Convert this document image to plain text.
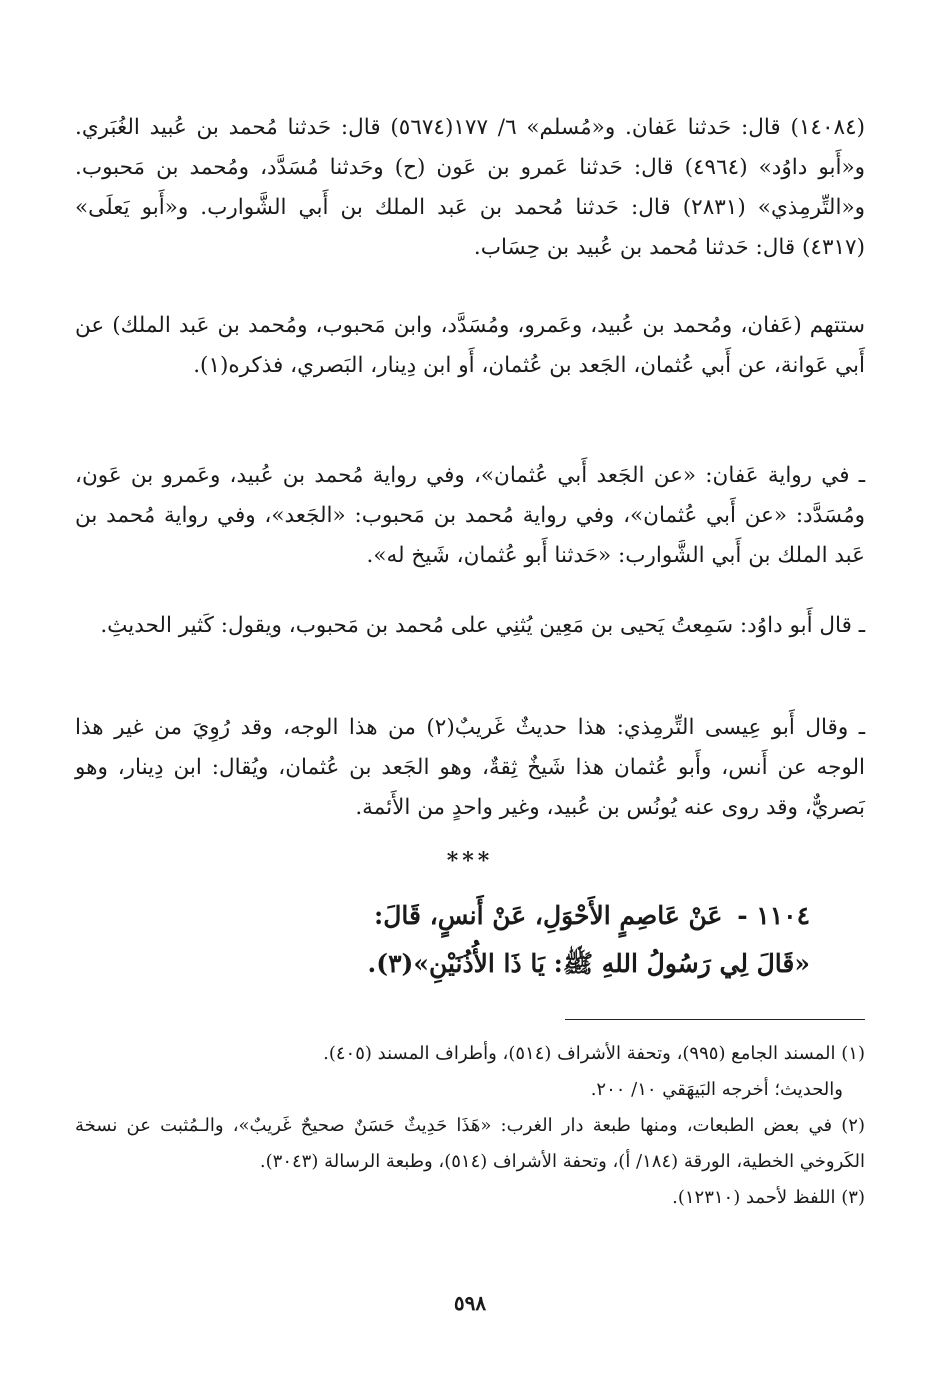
(١٤٠٨٤) قال: حَدثنا عَفان. و«مُسلم» ٦/ ١٧٧(٥٦٧٤) قال: حَدثنا مُحمد بن عُبيد الغُبَري. و«أَبو داوُد» (٤٩٦٤) قال: حَدثنا عَمرو بن عَون (ح) وحَدثنا مُسَدَّد، ومُحمد بن مَحبوب. و«التِّرمِذي» (٢٨٣١) قال: حَدثنا مُحمد بن عَبد الملك بن أَبي الشَّوارب. و«أَبو يَعلَى» (٤٣١٧) قال: حَدثنا مُحمد بن عُبيد بن حِسَاب.

ستتهم (عَفان، ومُحمد بن عُبيد، وعَمرو، ومُسَدَّد، وابن مَحبوب، ومُحمد بن عَبد الملك) عن أَبي عَوانة، عن أَبي عُثمان، الجَعد بن عُثمان، أَو ابن دِينار، البَصري، فذكره(١).

ـ في رواية عَفان: «عن الجَعد أَبي عُثمان»، وفي رواية مُحمد بن عُبيد، وعَمرو بن عَون، ومُسَدَّد: «عن أَبي عُثمان»، وفي رواية مُحمد بن مَحبوب: «الجَعد»، وفي رواية مُحمد بن عَبد الملك بن أَبي الشَّوارب: «حَدثنا أَبو عُثمان، شَيخ له».

ـ قال أَبو داوُد: سَمِعتُ يَحيى بن مَعِين يُثنِي على مُحمد بن مَحبوب، ويقول: كَثير الحديثِ.

ـ وقال أَبو عِيسى التِّرمِذي: هذا حديثٌ غَريبٌ(٢) من هذا الوجه، وقد رُوِيَ من غير هذا الوجه عن أَنس، وأَبو عُثمان هذا شَيخٌ ثِقةٌ، وهو الجَعد بن عُثمان، ويُقال: ابن دِينار، وهو بَصريٌّ، وقد روى عنه يُونُس بن عُبيد، وغير واحدٍ من الأَئمة.

***
١١٠٤ - عَنْ عَاصِمٍ الأَحْوَلِ، عَنْ أَنسٍ، قَالَ:
«قَالَ لِي رَسُولُ اللهِ ﷺ: يَا ذَا الأُذُنَيْنِ»(٣).

(١) المسند الجامع (٩٩٥)، وتحفة الأشراف (٥١٤)، وأطراف المسند (٤٠٥).

والحديث؛ أخرجه البَيهَقي ١٠/ ٢٠٠.

(٢) في بعض الطبعات، ومنها طبعة دار الغرب: «هَذَا حَدِيثٌ حَسَنٌ صحيحٌ غَريبٌ»، والـمُثبت عن نسخة الكَروخي الخطية، الورقة (١٨٤/ أ)، وتحفة الأشراف (٥١٤)، وطبعة الرسالة (٣٠٤٣).

(٣) اللفظ لأحمد (١٢٣١٠).

٥٩٨
